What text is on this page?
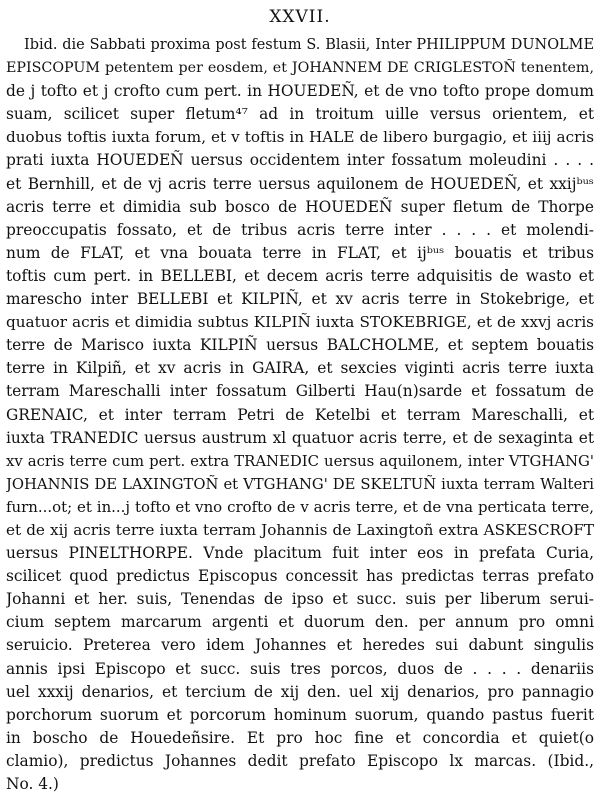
XXVII.
Ibid. die Sabbati proxima post festum S. Blasii, Inter PHILIPPUM DUNOLME
EPISCOPUM petentem per eosdem, et JOHANNEM DE CRIGLESTOÑ tenentem,
de j tofto et j crofto cum pert. in HOUEDEÑ, et de vno tofto prope domum
suam, scilicet super fletum⁴⁷ ad in troitum uille versus orientem, et
duobus toftis iuxta forum, et v toftis in HALE de libero burgagio, et iiij acris
prati iuxta HOUEDEÑ uersus occidentem inter fossatum moleudini . . . .
et Bernhill, et de vj acris terre uersus aquilonem de HOUEDEÑ, et xxijᵇᵘˢ
acris terre et dimidia sub bosco de HOUEDEÑ super fletum de Thorpe
preoccupatis fossato, et de tribus acris terre inter . . . . et molendi-
num de FLAT, et vna bouata terre in FLAT, et ijᵇᵘˢ bouatis et tribus
toftis cum pert. in BELLEBI, et decem acris terre adquisitis de wasto et
marescho inter BELLEBI et KILPIÑ, et xv acris terre in Stokebrige, et
quatuor acris et dimidia subtus KILPIÑ iuxta STOKEBRIGE, et de xxvj acris
terre de Marisco iuxta KILPIÑ uersus BALCHOLME, et septem bouatis
terre in Kilpiñ, et xv acris in GAIRA, et sexcies viginti acris terre iuxta
terram Mareschalli inter fossatum Gilberti Hau(n)sarde et fossatum de
GRENAIC, et inter terram Petri de Ketelbi et terram Mareschalli, et
iuxta TRANEDIC uersus austrum xl quatuor acris terre, et de sexaginta et
xv acris terre cum pert. extra TRANEDIC uersus aquilonem, inter VTGHANG'
JOHANNIS DE LAXINGTOÑ et VTGHANG' DE SKELTUÑ iuxta terram Walteri
furn...ot; et in...j tofto et vno crofto de v acris terre, et de vna perticata terre,
et de xij acris terre iuxta terram Johannis de Laxingtoñ extra ASKESCROFT
uersus PINELTHORPE. Vnde placitum fuit inter eos in prefata Curia,
scilicet quod predictus Episcopus concessit has predictas terras prefato
Johanni et her. suis, Tenendas de ipso et succ. suis per liberum serui-
cium septem marcarum argenti et duorum den. per annum pro omni
seruicio. Preterea vero idem Johannes et heredes sui dabunt singulis
annis ipsi Episcopo et succ. suis tres porcos, duos de . . . . denariis
uel xxxij denarios, et tercium de xij den. uel xij denarios, pro pannagio
porchorum suorum et porcorum hominum suorum, quando pastus fuerit
in boscho de Houedeñsire. Et pro hoc fine et concordia et quiet(o
clamio), predictus Johannes dedit prefato Episcopo lx marcas. (Ibid.,
No. 4.)
